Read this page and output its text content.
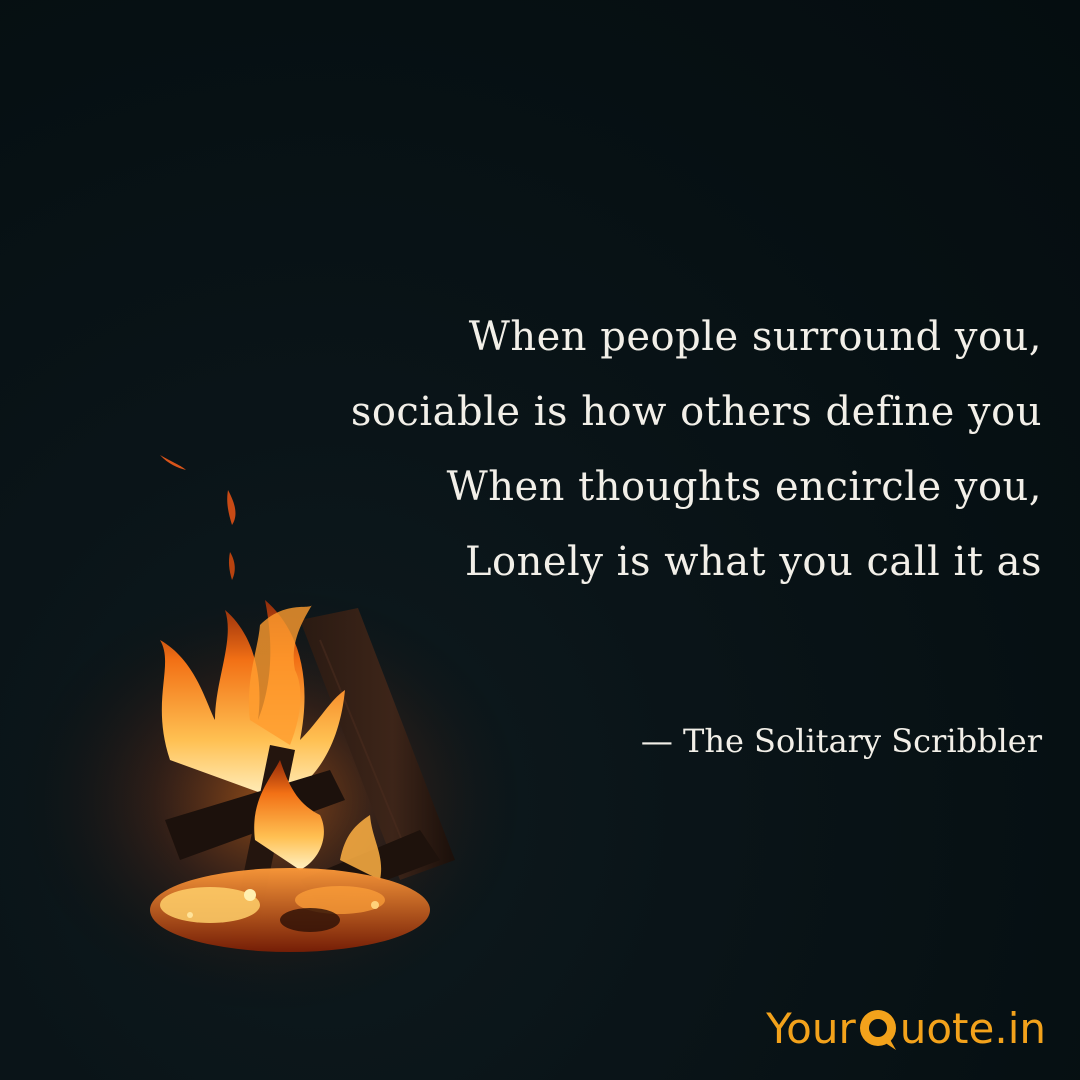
When people surround you,
sociable is how others define you
When thoughts encircle you,
Lonely is what you call it as
— The Solitary Scribbler
Your uote.in
